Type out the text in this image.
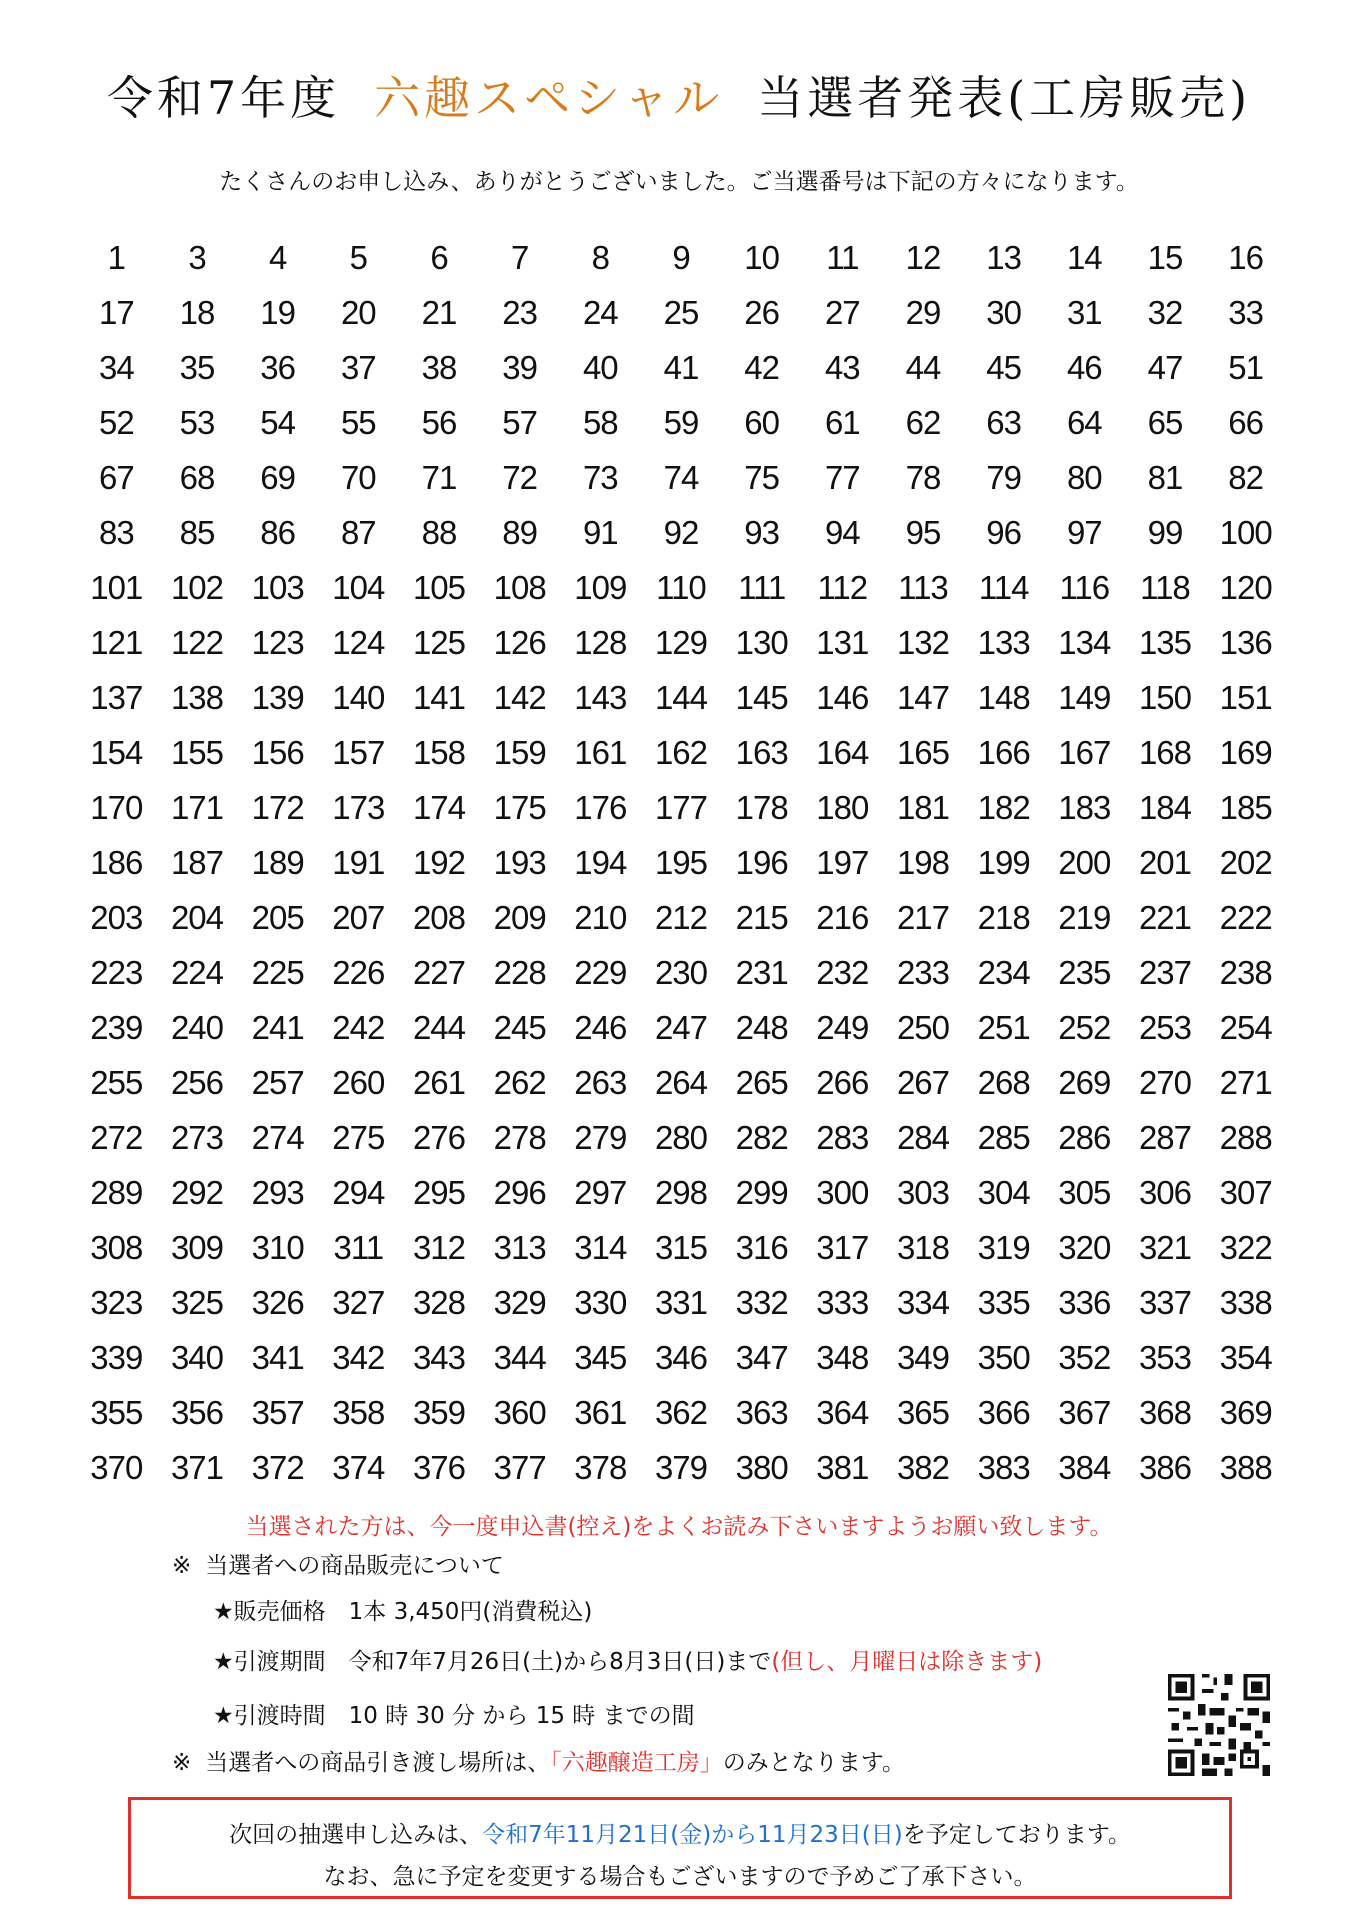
令和7年度 六趣スペシャル 当選者発表(工房販売)
たくさんのお申し込み、ありがとうございました。ご当選番号は下記の方々になります。
1	3	4	5	6	7	8	9	10	11	12	13	14	15	16
17	18	19	20	21	23	24	25	26	27	29	30	31	32	33
34	35	36	37	38	39	40	41	42	43	44	45	46	47	51
52	53	54	55	56	57	58	59	60	61	62	63	64	65	66
67	68	69	70	71	72	73	74	75	77	78	79	80	81	82
83	85	86	87	88	89	91	92	93	94	95	96	97	99	100
101 102 103 104 105 108 109 110 111 112 113 114 116 118 120
121 122 123 124 125 126 128 129 130 131 132 133 134 135 136
137 138 139 140 141 142 143 144 145 146 147 148 149 150 151
154 155 156 157 158 159 161 162 163 164 165 166 167 168 169
170 171 172 173 174 175 176 177 178 180 181 182 183 184 185
186 187 189 191 192 193 194 195 196 197 198 199 200 201 202
203 204 205 207 208 209 210 212 215 216 217 218 219 221 222
223 224 225 226 227 228 229 230 231 232 233 234 235 237 238
239 240 241 242 244 245 246 247 248 249 250 251 252 253 254
255 256 257 260 261 262 263 264 265 266 267 268 269 270 271
272 273 274 275 276 278 279 280 282 283 284 285 286 287 288
289 292 293 294 295 296 297 298 299 300 303 304 305 306 307
308 309 310 311 312 313 314 315 316 317 318 319 320 321 322
323 325 326 327 328 329 330 331 332 333 334 335 336 337 338
339 340 341 342 343 344 345 346 347 348 349 350 352 353 354
355 356 357 358 359 360 361 362 363 364 365 366 367 368 369
370 371 372 374 376 377 378 379 380 381 382 383 384 386 388
当選された方は、今一度申込書(控え)をよくお読み下さいますようお願い致します。
※ 当選者への商品販売について
★販売価格　1本 3,450円(消費税込)
★引渡期間　令和7年7月26日(土)から8月3日(日)まで(但し、月曜日は除きます)
★引渡時間　10 時 30 分 から 15 時 までの間
※ 当選者への商品引き渡し場所は、「六趣醸造工房」のみとなります。
次回の抽選申し込みは、令和7年11月21日(金)から11月23日(日)を予定しております。
なお、急に予定を変更する場合もございますので予めご了承下さい。
